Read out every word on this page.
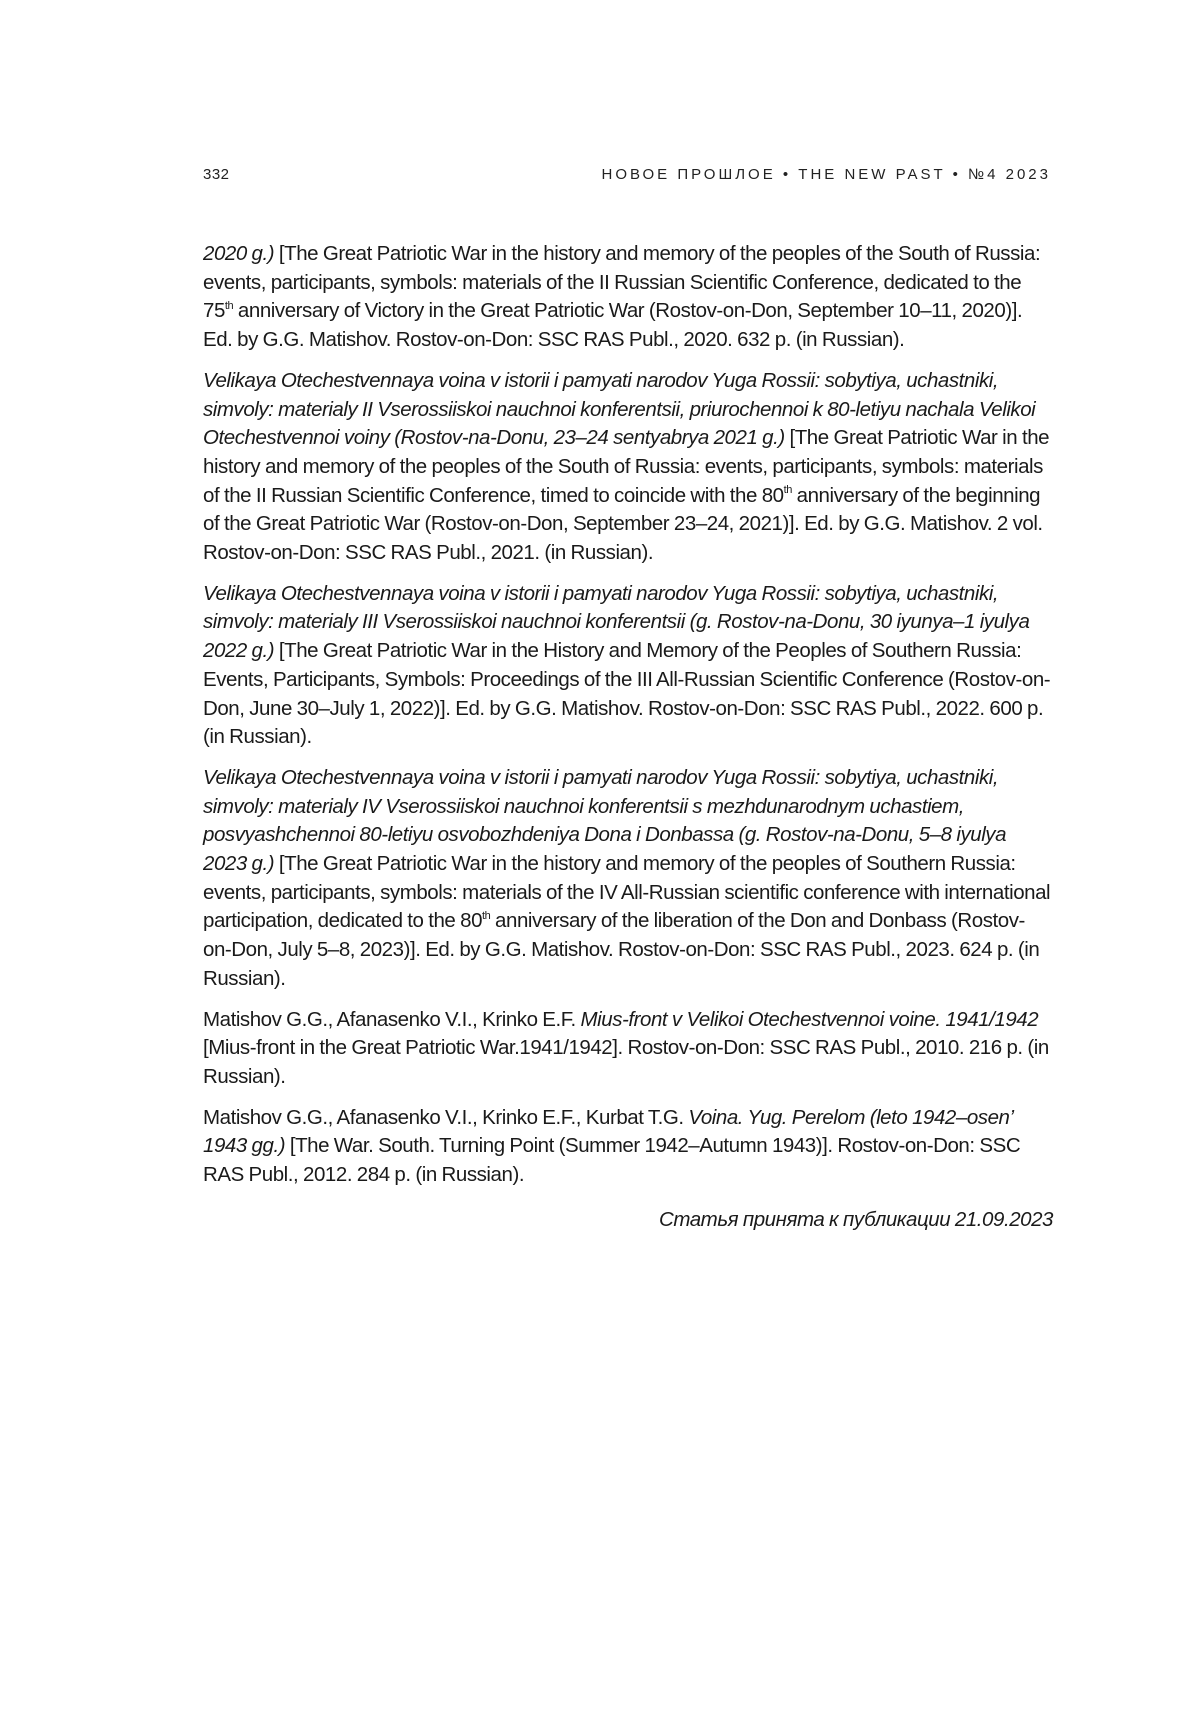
332	НОВОЕ ПРОШЛОЕ • THE NEW PAST • №4 2023

2020 g.) [The Great Patriotic War in the history and memory of the peoples of the South of Russia: events, participants, symbols: materials of the II Russian Scientific Conference, dedicated to the 75th anniversary of Victory in the Great Patriotic War (Rostov-on-Don, September 10–11, 2020)]. Ed. by G.G. Matishov. Rostov-on-Don: SSC RAS Publ., 2020. 632 p. (in Russian).

Velikaya Otechestvennaya voina v istorii i pamyati narodov Yuga Rossii: sobytiya, uchastniki, simvoly: materialy II Vserossiiskoi nauchnoi konferentsii, priurochennoi k 80-letiyu nachala Velikoi Otechestvennoi voiny (Rostov-na-Donu, 23–24 sentyabrya 2021 g.) [The Great Patriotic War in the history and memory of the peoples of the South of Russia: events, participants, symbols: materials of the II Russian Scientific Conference, timed to coincide with the 80th anniversary of the beginning of the Great Patriotic War (Rostov-on-Don, September 23–24, 2021)]. Ed. by G.G. Matishov. 2 vol. Rostov-on-Don: SSC RAS Publ., 2021. (in Russian).

Velikaya Otechestvennaya voina v istorii i pamyati narodov Yuga Rossii: sobytiya, uchastniki, simvoly: materialy III Vserossiiskoi nauchnoi konferentsii (g. Rostov-na-Donu, 30 iyunya–1 iyulya 2022 g.) [The Great Patriotic War in the History and Memory of the Peoples of Southern Russia: Events, Participants, Symbols: Proceedings of the III All-Russian Scientific Conference (Rostov-on-Don, June 30–July 1, 2022)]. Ed. by G.G. Matishov. Rostov-on-Don: SSC RAS Publ., 2022. 600 p. (in Russian).

Velikaya Otechestvennaya voina v istorii i pamyati narodov Yuga Rossii: sobytiya, uchastniki, simvoly: materialy IV Vserossiiskoi nauchnoi konferentsii s mezhdunarodnym uchastiem, posvyashchennoi 80-letiyu osvobozhdeniya Dona i Donbassa (g. Rostov-na-Donu, 5–8 iyulya 2023 g.) [The Great Patriotic War in the history and memory of the peoples of Southern Russia: events, participants, symbols: materials of the IV All-Russian scientific conference with international participation, dedicated to the 80th anniversary of the liberation of the Don and Donbass (Rostov-on-Don, July 5–8, 2023)]. Ed. by G.G. Matishov. Rostov-on-Don: SSC RAS Publ., 2023. 624 p. (in Russian).

Matishov G.G., Afanasenko V.I., Krinko E.F. Mius-front v Velikoi Otechestvennoi voine. 1941/1942 [Mius-front in the Great Patriotic War.1941/1942]. Rostov-on-Don: SSC RAS Publ., 2010. 216 p. (in Russian).

Matishov G.G., Afanasenko V.I., Krinko E.F., Kurbat T.G. Voina. Yug. Perelom (leto 1942–osen’ 1943 gg.) [The War. South. Turning Point (Summer 1942–Autumn 1943)]. Rostov-on-Don: SSC RAS Publ., 2012. 284 p. (in Russian).

Статья принята к публикации 21.09.2023
